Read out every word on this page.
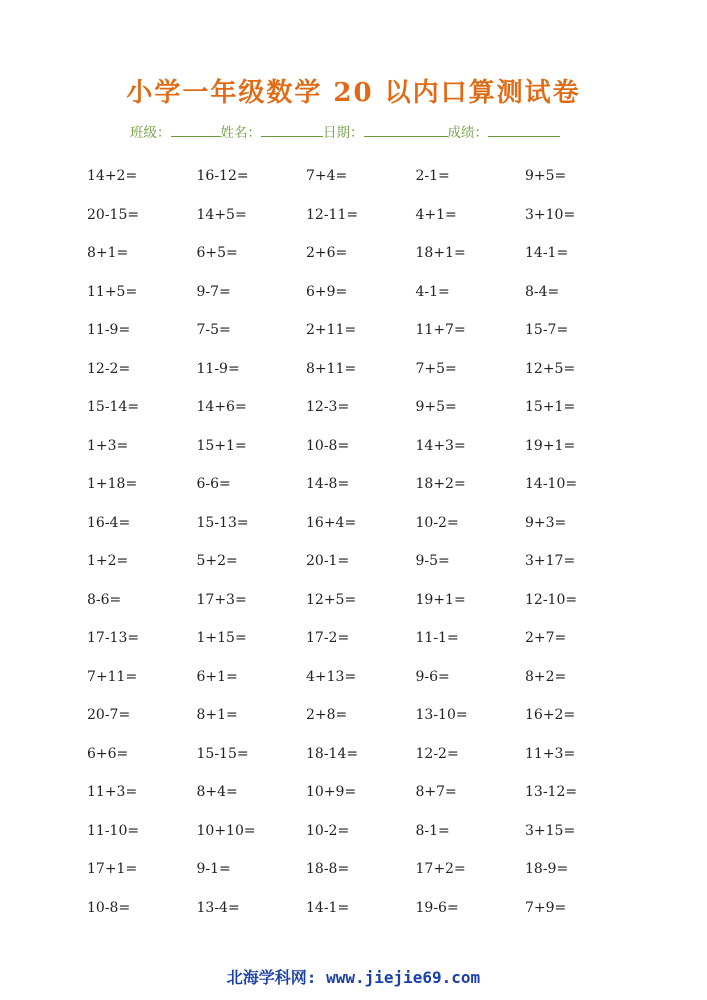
小学一年级数学 20 以内口算测试卷
班级：	姓名：	日期：	成绩：
14+2=	16-12=	7+4=	2-1=	9+5=
20-15=	14+5=	12-11=	4+1=	3+10=
8+1=	6+5=	2+6=	18+1=	14-1=
11+5=	9-7=	6+9=	4-1=	8-4=
11-9=	7-5=	2+11=	11+7=	15-7=
12-2=	11-9=	8+11=	7+5=	12+5=
15-14=	14+6=	12-3=	9+5=	15+1=
1+3=	15+1=	10-8=	14+3=	19+1=
1+18=	6-6=	14-8=	18+2=	14-10=
16-4=	15-13=	16+4=	10-2=	9+3=
1+2=	5+2=	20-1=	9-5=	3+17=
8-6=	17+3=	12+5=	19+1=	12-10=
17-13=	1+15=	17-2=	11-1=	2+7=
7+11=	6+1=	4+13=	9-6=	8+2=
20-7=	8+1=	2+8=	13-10=	16+2=
6+6=	15-15=	18-14=	12-2=	11+3=
11+3=	8+4=	10+9=	8+7=	13-12=
11-10=	10+10=	10-2=	8-1=	3+15=
17+1=	9-1=	18-8=	17+2=	18-9=
10-8=	13-4=	14-1=	19-6=	7+9=
北海学科网: www.jiejie69.com
